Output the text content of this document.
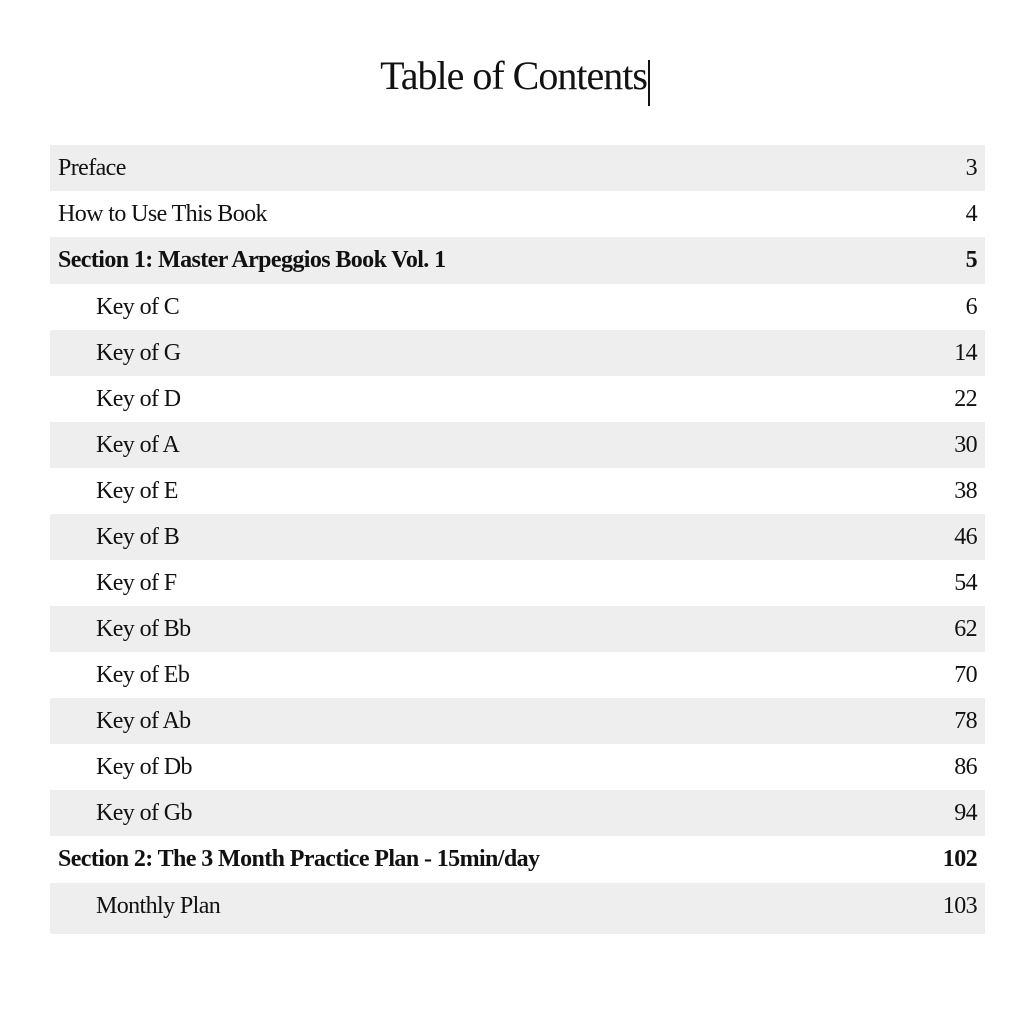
Table of Contents
Preface	3
How to Use This Book	4
Section 1: Master Arpeggios Book Vol. 1	5
Key of C	6
Key of G	14
Key of D	22
Key of A	30
Key of E	38
Key of B	46
Key of F	54
Key of Bb	62
Key of Eb	70
Key of Ab	78
Key of Db	86
Key of Gb	94
Section 2: The 3 Month Practice Plan - 15min/day	102
Monthly Plan	103
